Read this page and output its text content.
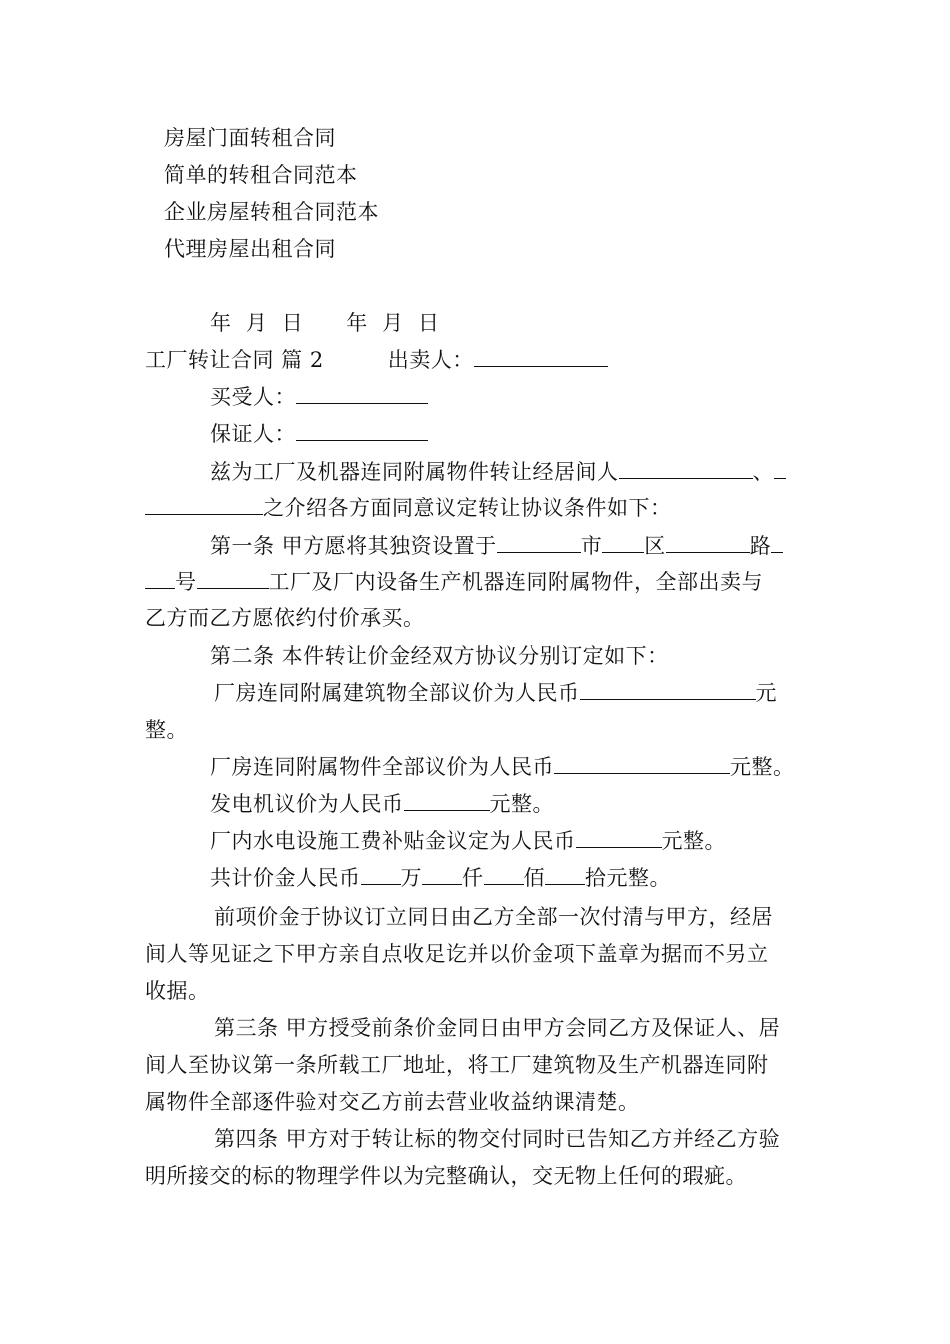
房屋门面转租合同
简单的转租合同范本
企业房屋转租合同范本
代理房屋出租合同
年  月  日      年  月  日
工厂转让合同 篇 2	出卖人：
买受人：
保证人：
兹为工厂及机器连同附属物件转让经居间人	、
之介绍各方面同意议定转让协议条件如下：
第一条 甲方愿将其独资设置于	市 区	路
号	工厂及厂内设备生产机器连同附属物件，全部出卖与
乙方而乙方愿依约付价承买。
第二条 本件转让价金经双方协议分别订定如下：
厂房连同附属建筑物全部议价为人民币	元
整。
厂房连同附属物件全部议价为人民币	元整。
发电机议价为人民币	元整。
厂内水电设施工费补贴金议定为人民币	元整。
共计价金人民币 万 仟 佰 拾元整。
前项价金于协议订立同日由乙方全部一次付清与甲方，经居
间人等见证之下甲方亲自点收足讫并以价金项下盖章为据而不另立
收据。
第三条 甲方授受前条价金同日由甲方会同乙方及保证人、居
间人至协议第一条所载工厂地址，将工厂建筑物及生产机器连同附
属物件全部逐件验对交乙方前去营业收益纳课清楚。
第四条 甲方对于转让标的物交付同时已告知乙方并经乙方验
明所接交的标的物理学件以为完整确认，交无物上任何的瑕疵。
